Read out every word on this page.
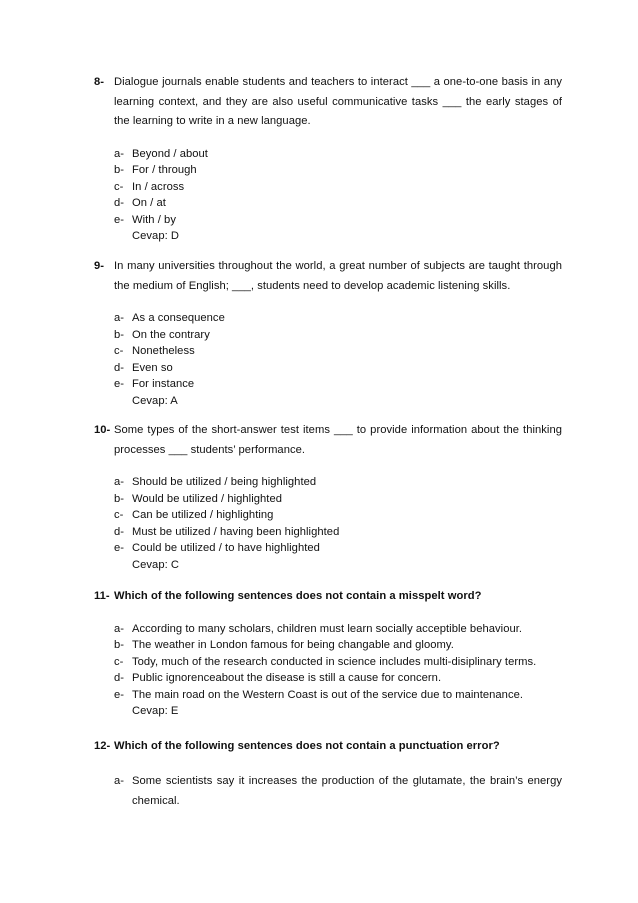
8- Dialogue journals enable students and teachers to interact ___ a one-to-one basis in any learning context, and they are also useful communicative tasks ___ the early stages of the learning to write in a new language.
a- Beyond / about
b- For / through
c- In / across
d- On / at
e- With / by
Cevap: D
9- In many universities throughout the world, a great number of subjects are taught through the medium of English; ___, students need to develop academic listening skills.
a- As a consequence
b- On the contrary
c- Nonetheless
d- Even so
e- For instance
Cevap: A
10- Some types of the short-answer test items ___ to provide information about the thinking processes ___ students’ performance.
a- Should be utilized / being highlighted
b- Would be utilized / highlighted
c- Can be utilized / highlighting
d- Must be utilized / having been highlighted
e- Could be utilized / to have highlighted
Cevap: C
11- Which of the following sentences does not contain a misspelt word?
a- According to many scholars, children must learn socially acceptible behaviour.
b- The weather in London famous for being changable and gloomy.
c- Tody, much of the research conducted in science includes multi-disiplinary terms.
d- Public ignorenceabout the disease is still a cause for concern.
e- The main road on the Western Coast is out of the service due to maintenance.
Cevap: E
12- Which of the following sentences does not contain a punctuation error?
a- Some scientists say it increases the production of the glutamate, the brain’s energy chemical.
